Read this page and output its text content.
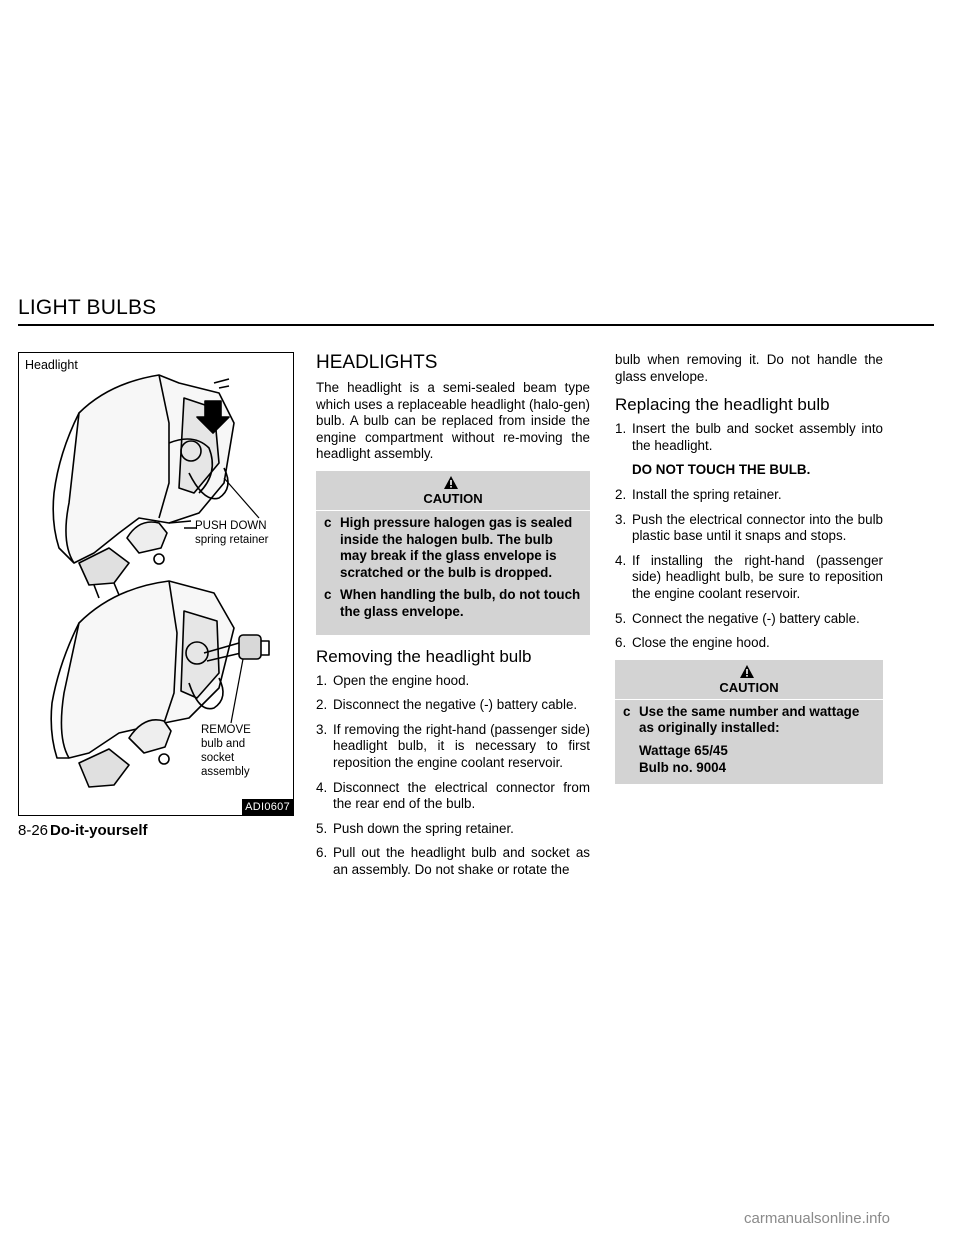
LIGHT BULBS
Headlight
PUSH DOWN
spring retainer
REMOVE
bulb and
socket
assembly
ADI0607
8-26 Do-it-yourself
HEADLIGHTS

The headlight is a semi-sealed beam type which uses a replaceable headlight (halo-gen) bulb. A bulb can be replaced from inside the engine compartment without re-moving the headlight assembly.

CAUTION
c High pressure halogen gas is sealed inside the halogen bulb. The bulb may break if the glass envelope is scratched or the bulb is dropped.
c When handling the bulb, do not touch the glass envelope.
Removing the headlight bulb
1. Open the engine hood.
2. Disconnect the negative (-) battery cable.
3. If removing the right-hand (passenger side) headlight bulb, it is necessary to first reposition the engine coolant reservoir.
4. Disconnect the electrical connector from the rear end of the bulb.
5. Push down the spring retainer.
6. Pull out the headlight bulb and socket as an assembly. Do not shake or rotate the

bulb when removing it. Do not handle the glass envelope.

Replacing the headlight bulb
1. Insert the bulb and socket assembly into the headlight.
DO NOT TOUCH THE BULB.
2. Install the spring retainer.
3. Push the electrical connector into the bulb plastic base until it snaps and stops.
4. If installing the right-hand (passenger side) headlight bulb, be sure to reposition the engine coolant reservoir.
5. Connect the negative (-) battery cable.
6. Close the engine hood.
CAUTION
c Use the same number and wattage as originally installed:
Wattage 65/45
Bulb no. 9004
carmanualsonline.info
